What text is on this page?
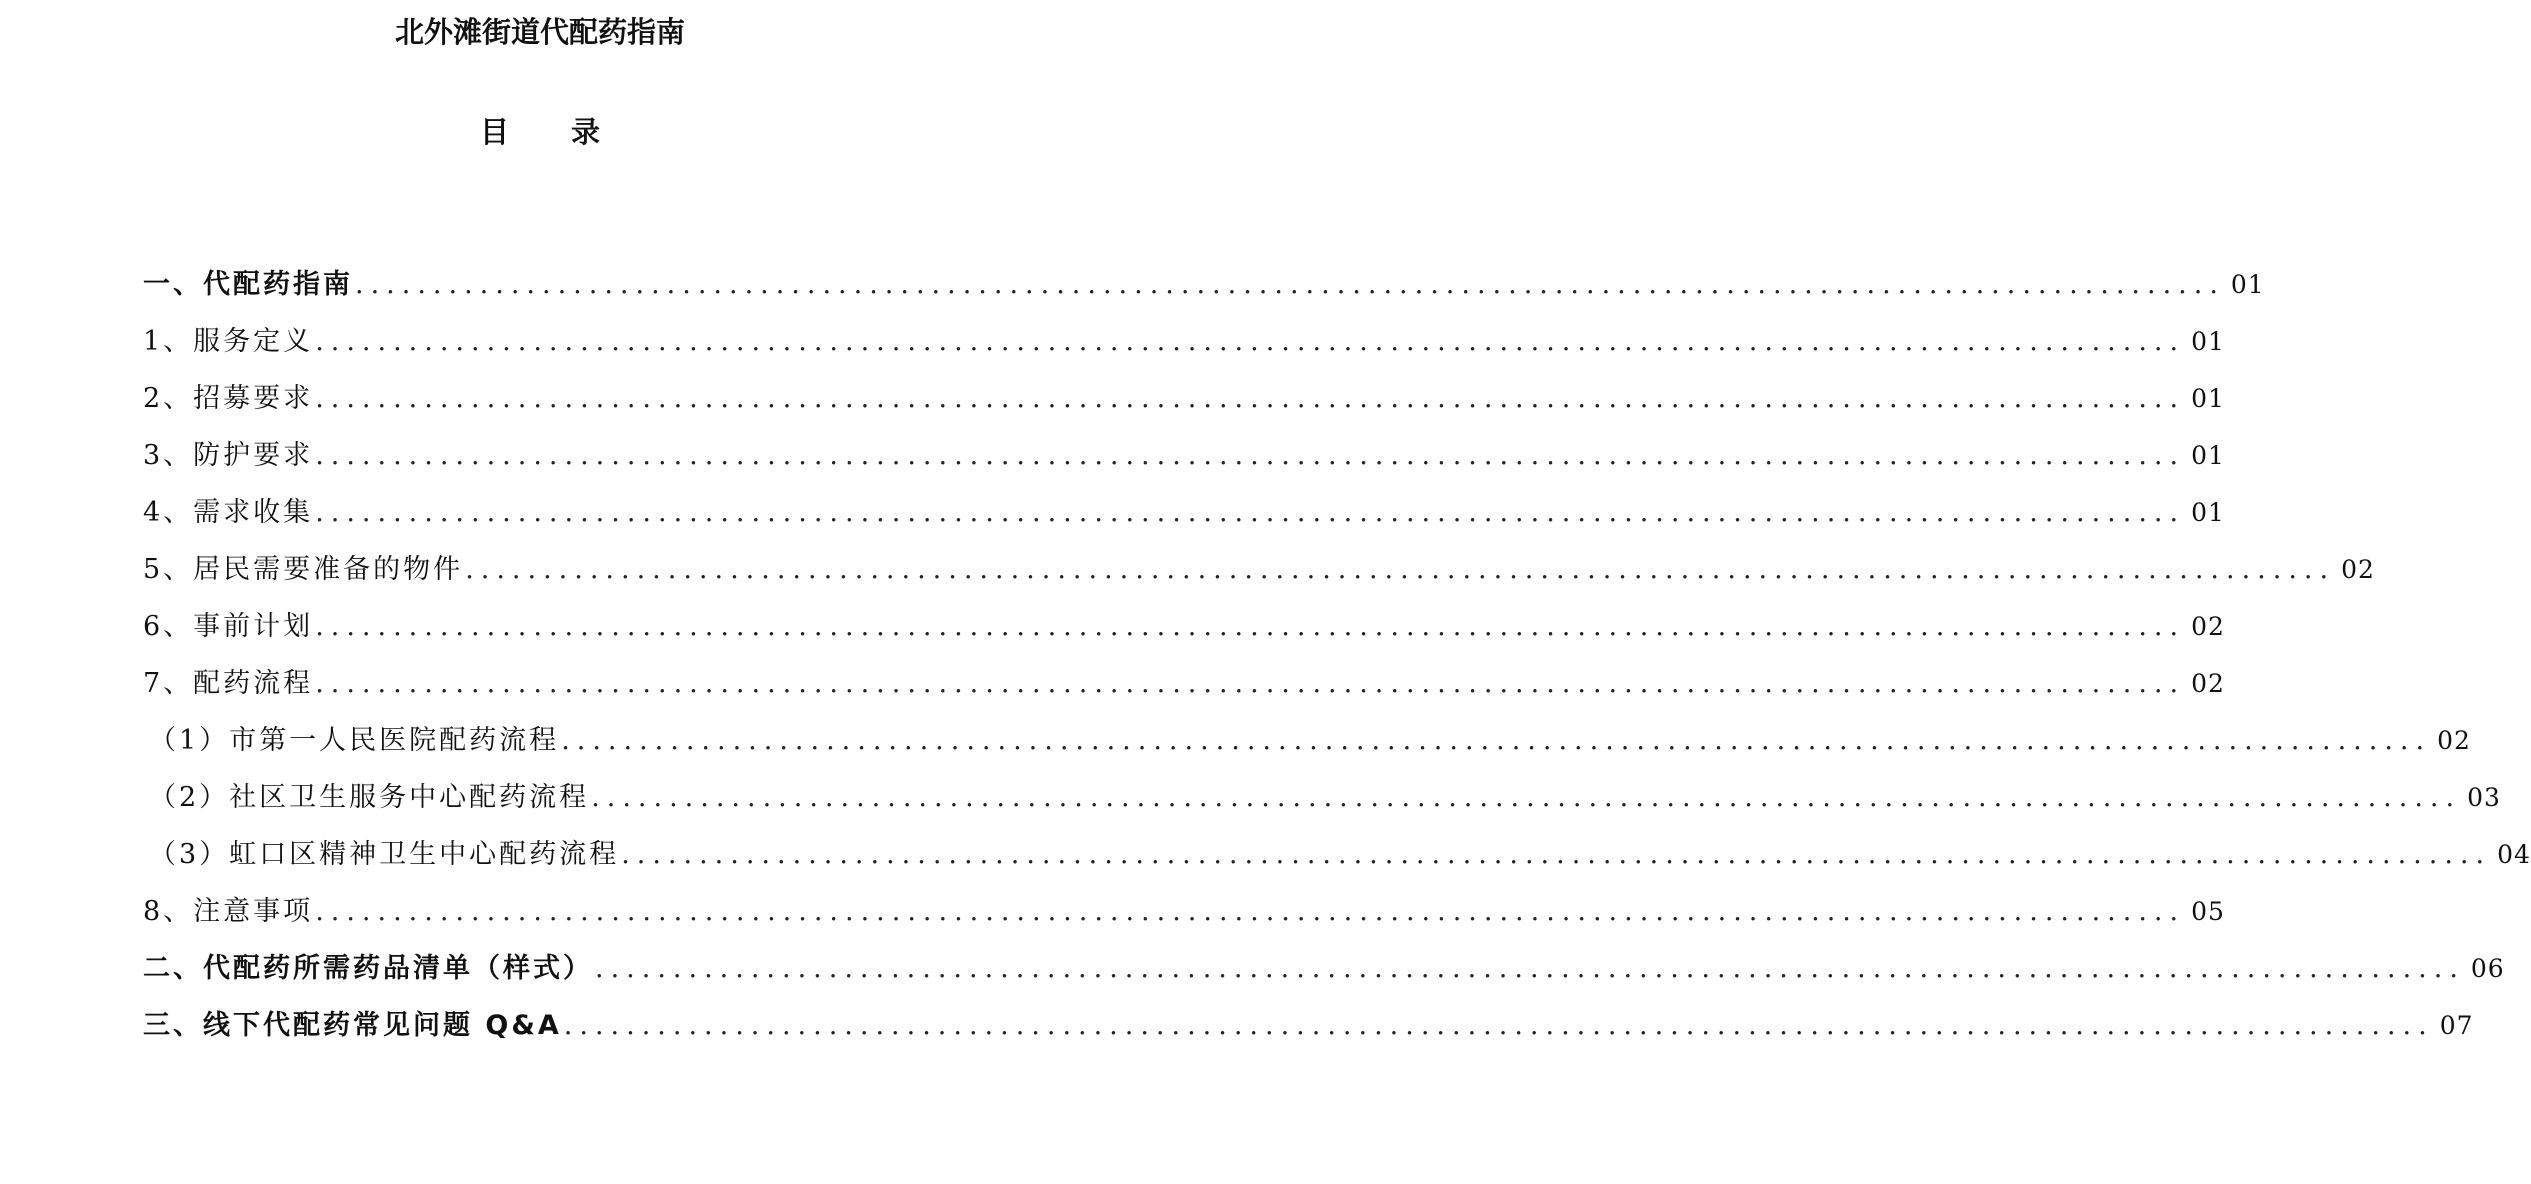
北外滩街道代配药指南
目 录
一、代配药指南 ........................................................................................................................ 01
1、服务定义 ........................................................................................................................ 01
2、招募要求 ........................................................................................................................ 01
3、防护要求 ........................................................................................................................ 01
4、需求收集 ........................................................................................................................ 01
5、居民需要准备的物件 ........................................................................................................................ 02
6、事前计划 ........................................................................................................................ 02
7、配药流程 ........................................................................................................................ 02
（1）市第一人民医院配药流程 ........................................................................................................................ 02
（2）社区卫生服务中心配药流程 ........................................................................................................................ 03
（3）虹口区精神卫生中心配药流程 ........................................................................................................................ 04
8、注意事项 ........................................................................................................................ 05
二、代配药所需药品清单（样式） ........................................................................................................................ 06
三、线下代配药常见问题 Q&A ........................................................................................................................ 07
